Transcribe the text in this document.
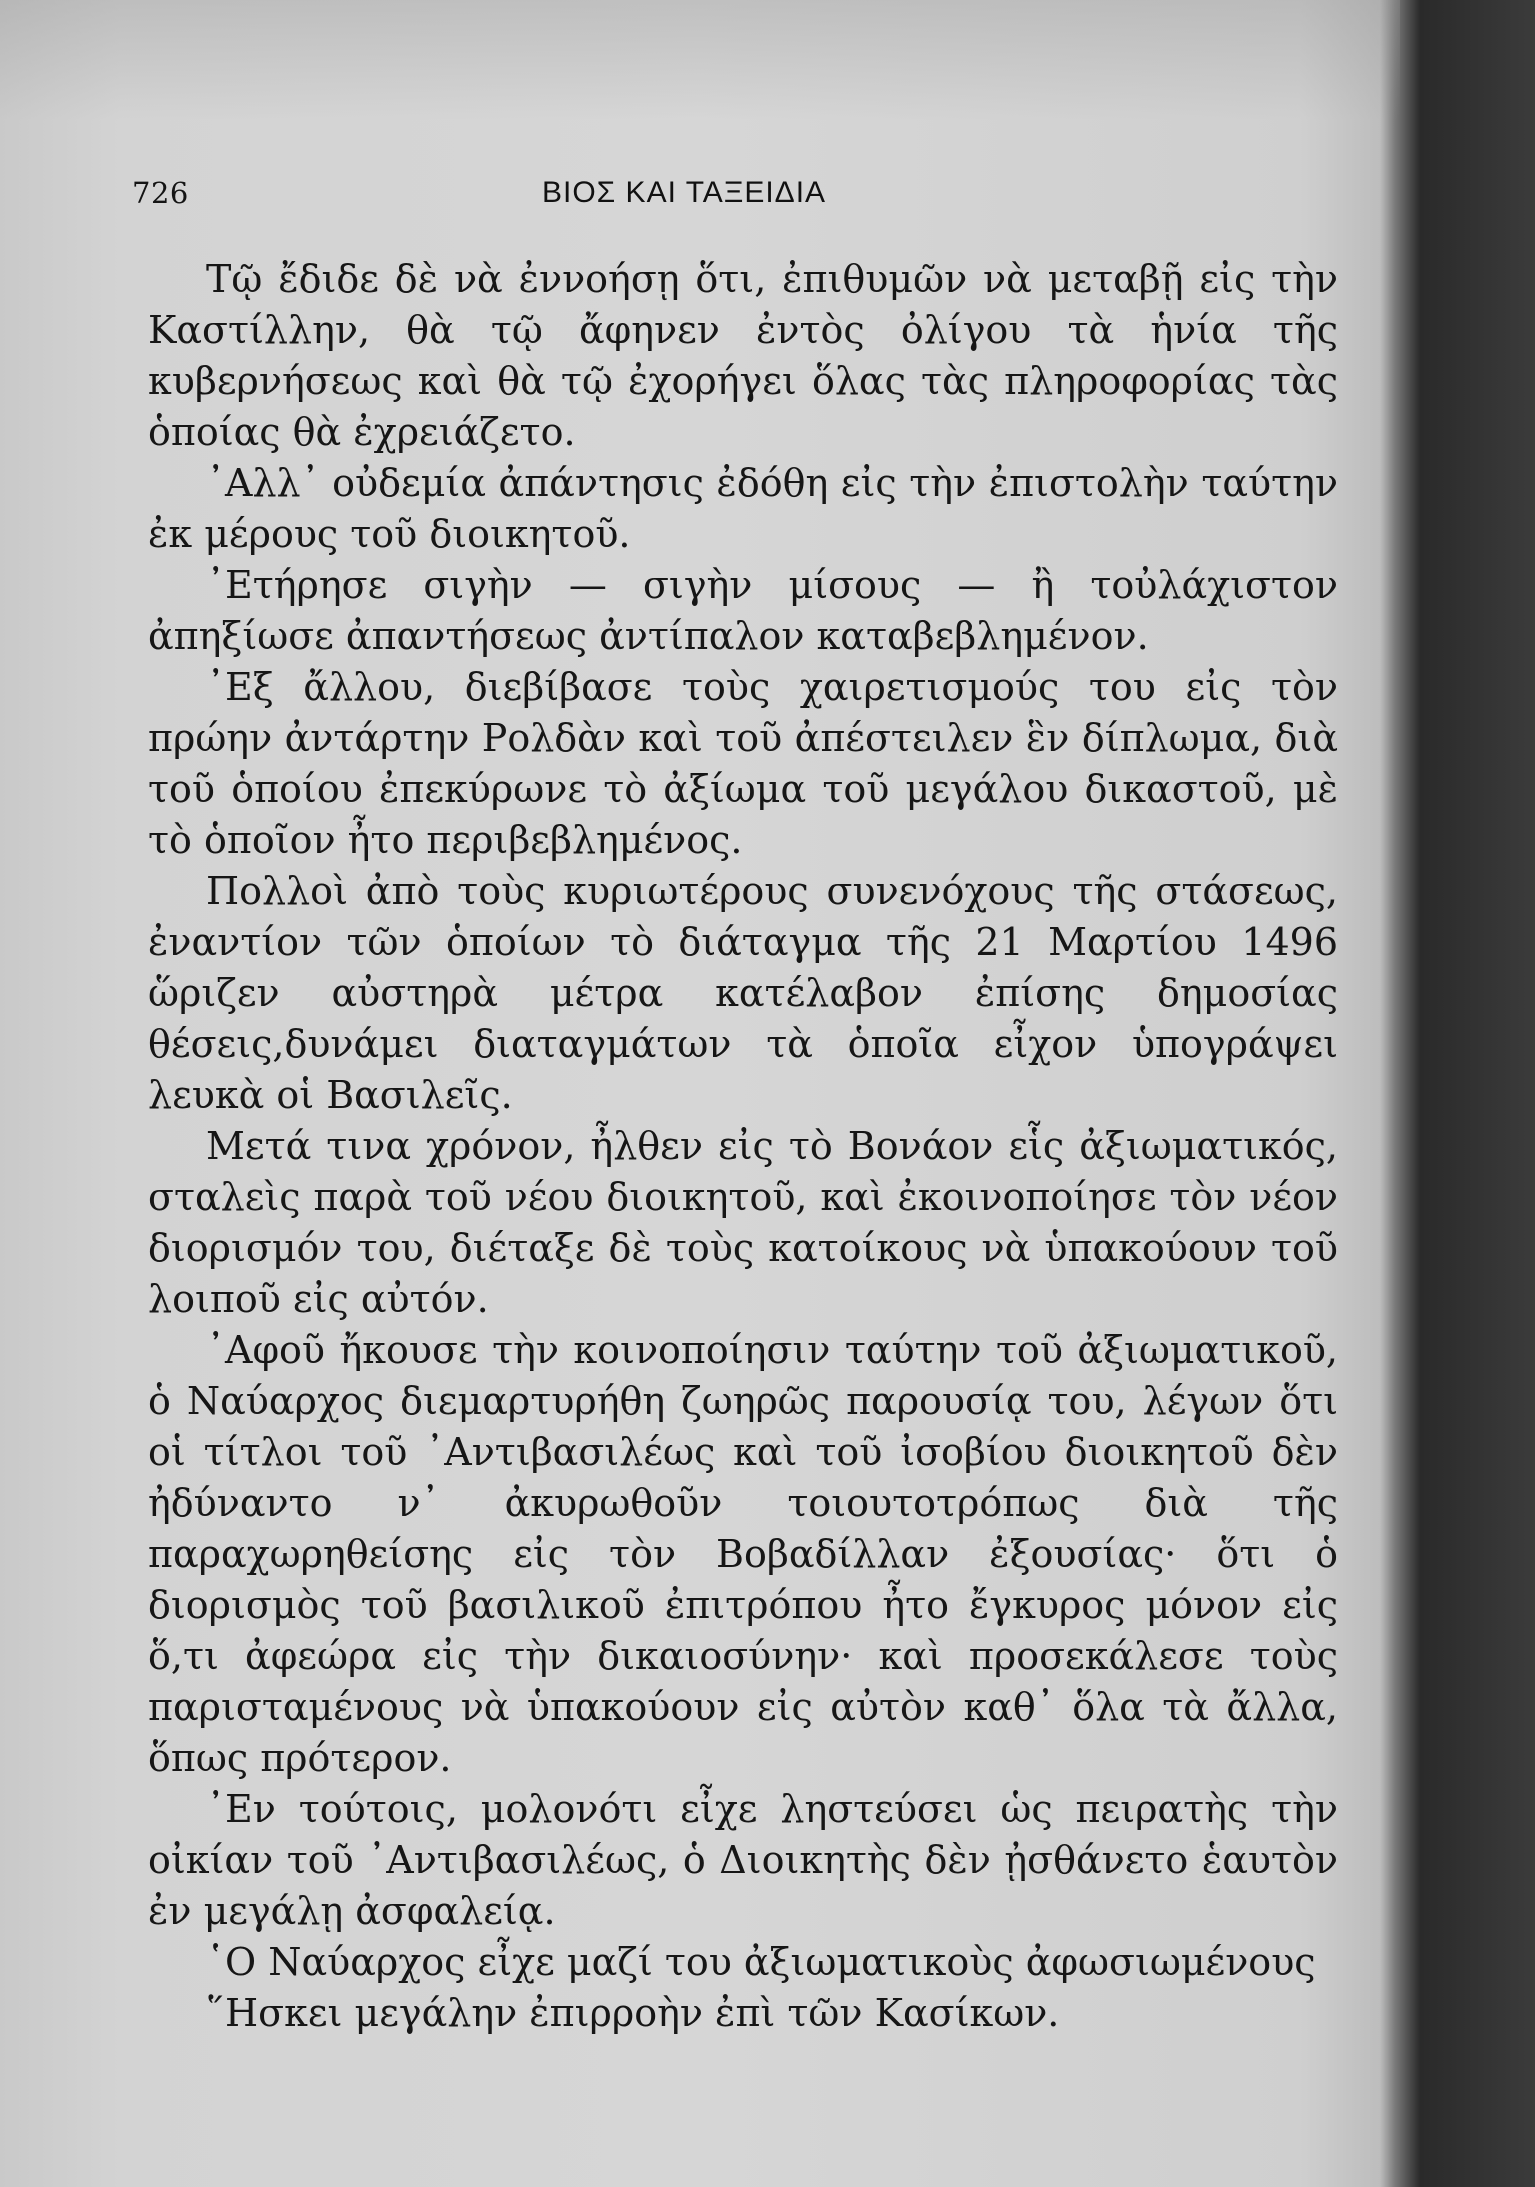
726	ΒΙΟΣ ΚΑΙ ΤΑΞΕΙΔΙΑ

Τῷ ἔδιδε δὲ νὰ ἐννοήσῃ ὅτι, ἐπιθυμῶν νὰ μεταβῇ εἰς τὴν Καστίλλην, θὰ τῷ ἄφηνεν ἐντὸς ὀλίγου τὰ ἡνία τῆς κυβερνήσεως καὶ θὰ τῷ ἐχορήγει ὅλας τὰς πληροφορίας τὰς ὁποίας θὰ ἐχρειάζετο.

᾿Αλλ᾿ οὐδεμία ἀπάντησις ἐδόθη εἰς τὴν ἐπιστολὴν ταύτην ἐκ μέρους τοῦ διοικητοῦ.

᾿Ετήρησε σιγὴν — σιγὴν μίσους — ἢ τοὐλάχιστον ἀπηξίωσε ἀπαντήσεως ἀντίπαλον καταβεβλημένον.

᾿Εξ ἄλλου, διεβίβασε τοὺς χαιρετισμούς του εἰς τὸν πρώην ἀντάρτην Ρολδὰν καὶ τοῦ ἀπέστειλεν ἓν δίπλωμα, διὰ τοῦ ὁποίου ἐπεκύρωνε τὸ ἀξίωμα τοῦ μεγάλου δικαστοῦ, μὲ τὸ ὁποῖον ἦτο περιβεβλημένος.

Πολλοὶ ἀπὸ τοὺς κυριωτέρους συνενόχους τῆς στάσεως, ἐναντίον τῶν ὁποίων τὸ διάταγμα τῆς 21 Μαρτίου 1496 ὥριζεν αὐστηρὰ μέτρα κατέλαβον ἐπίσης δημοσίας θέσεις,δυνάμει διαταγμάτων τὰ ὁποῖα εἶχον ὑπογράψει λευκὰ οἱ Βασιλεῖς.

Μετά τινα χρόνον, ἦλθεν εἰς τὸ Βονάον εἷς ἀξιωματικός, σταλεὶς παρὰ τοῦ νέου διοικητοῦ, καὶ ἐκοινοποίησε τὸν νέον διορισμόν του, διέταξε δὲ τοὺς κατοίκους νὰ ὑπακούουν τοῦ λοιποῦ εἰς αὐτόν.

᾿Αφοῦ ἤκουσε τὴν κοινοποίησιν ταύτην τοῦ ἀξιωματικοῦ, ὁ Ναύαρχος διεμαρτυρήθη ζωηρῶς παρουσίᾳ του, λέγων ὅτι οἱ τίτλοι τοῦ ᾿Αντιβασιλέως καὶ τοῦ ἰσοβίου διοικητοῦ δὲν ἠδύναντο ν᾿ ἀκυρωθοῦν τοιουτοτρόπως διὰ τῆς παραχωρηθείσης εἰς τὸν Βοβαδίλλαν ἐξουσίας· ὅτι ὁ διορισμὸς τοῦ βασιλικοῦ ἐπιτρόπου ἦτο ἔγκυρος μόνον εἰς ὅ,τι ἀφεώρα εἰς τὴν δικαιοσύνην· καὶ προσεκάλεσε τοὺς παρισταμένους νὰ ὑπακούουν εἰς αὐτὸν καθ᾿ ὅλα τὰ ἄλλα, ὅπως πρότερον.

᾿Εν τούτοις, μολονότι εἶχε ληστεύσει ὡς πειρατὴς τὴν οἰκίαν τοῦ ᾿Αντιβασιλέως, ὁ Διοικητὴς δὲν ᾐσθάνετο ἑαυτὸν ἐν μεγάλῃ ἀσφαλείᾳ.

῾Ο Ναύαρχος εἶχε μαζί του ἀξιωματικοὺς ἀφωσιωμένους

῞Ησκει μεγάλην ἐπιρροὴν ἐπὶ τῶν Κασίκων.
